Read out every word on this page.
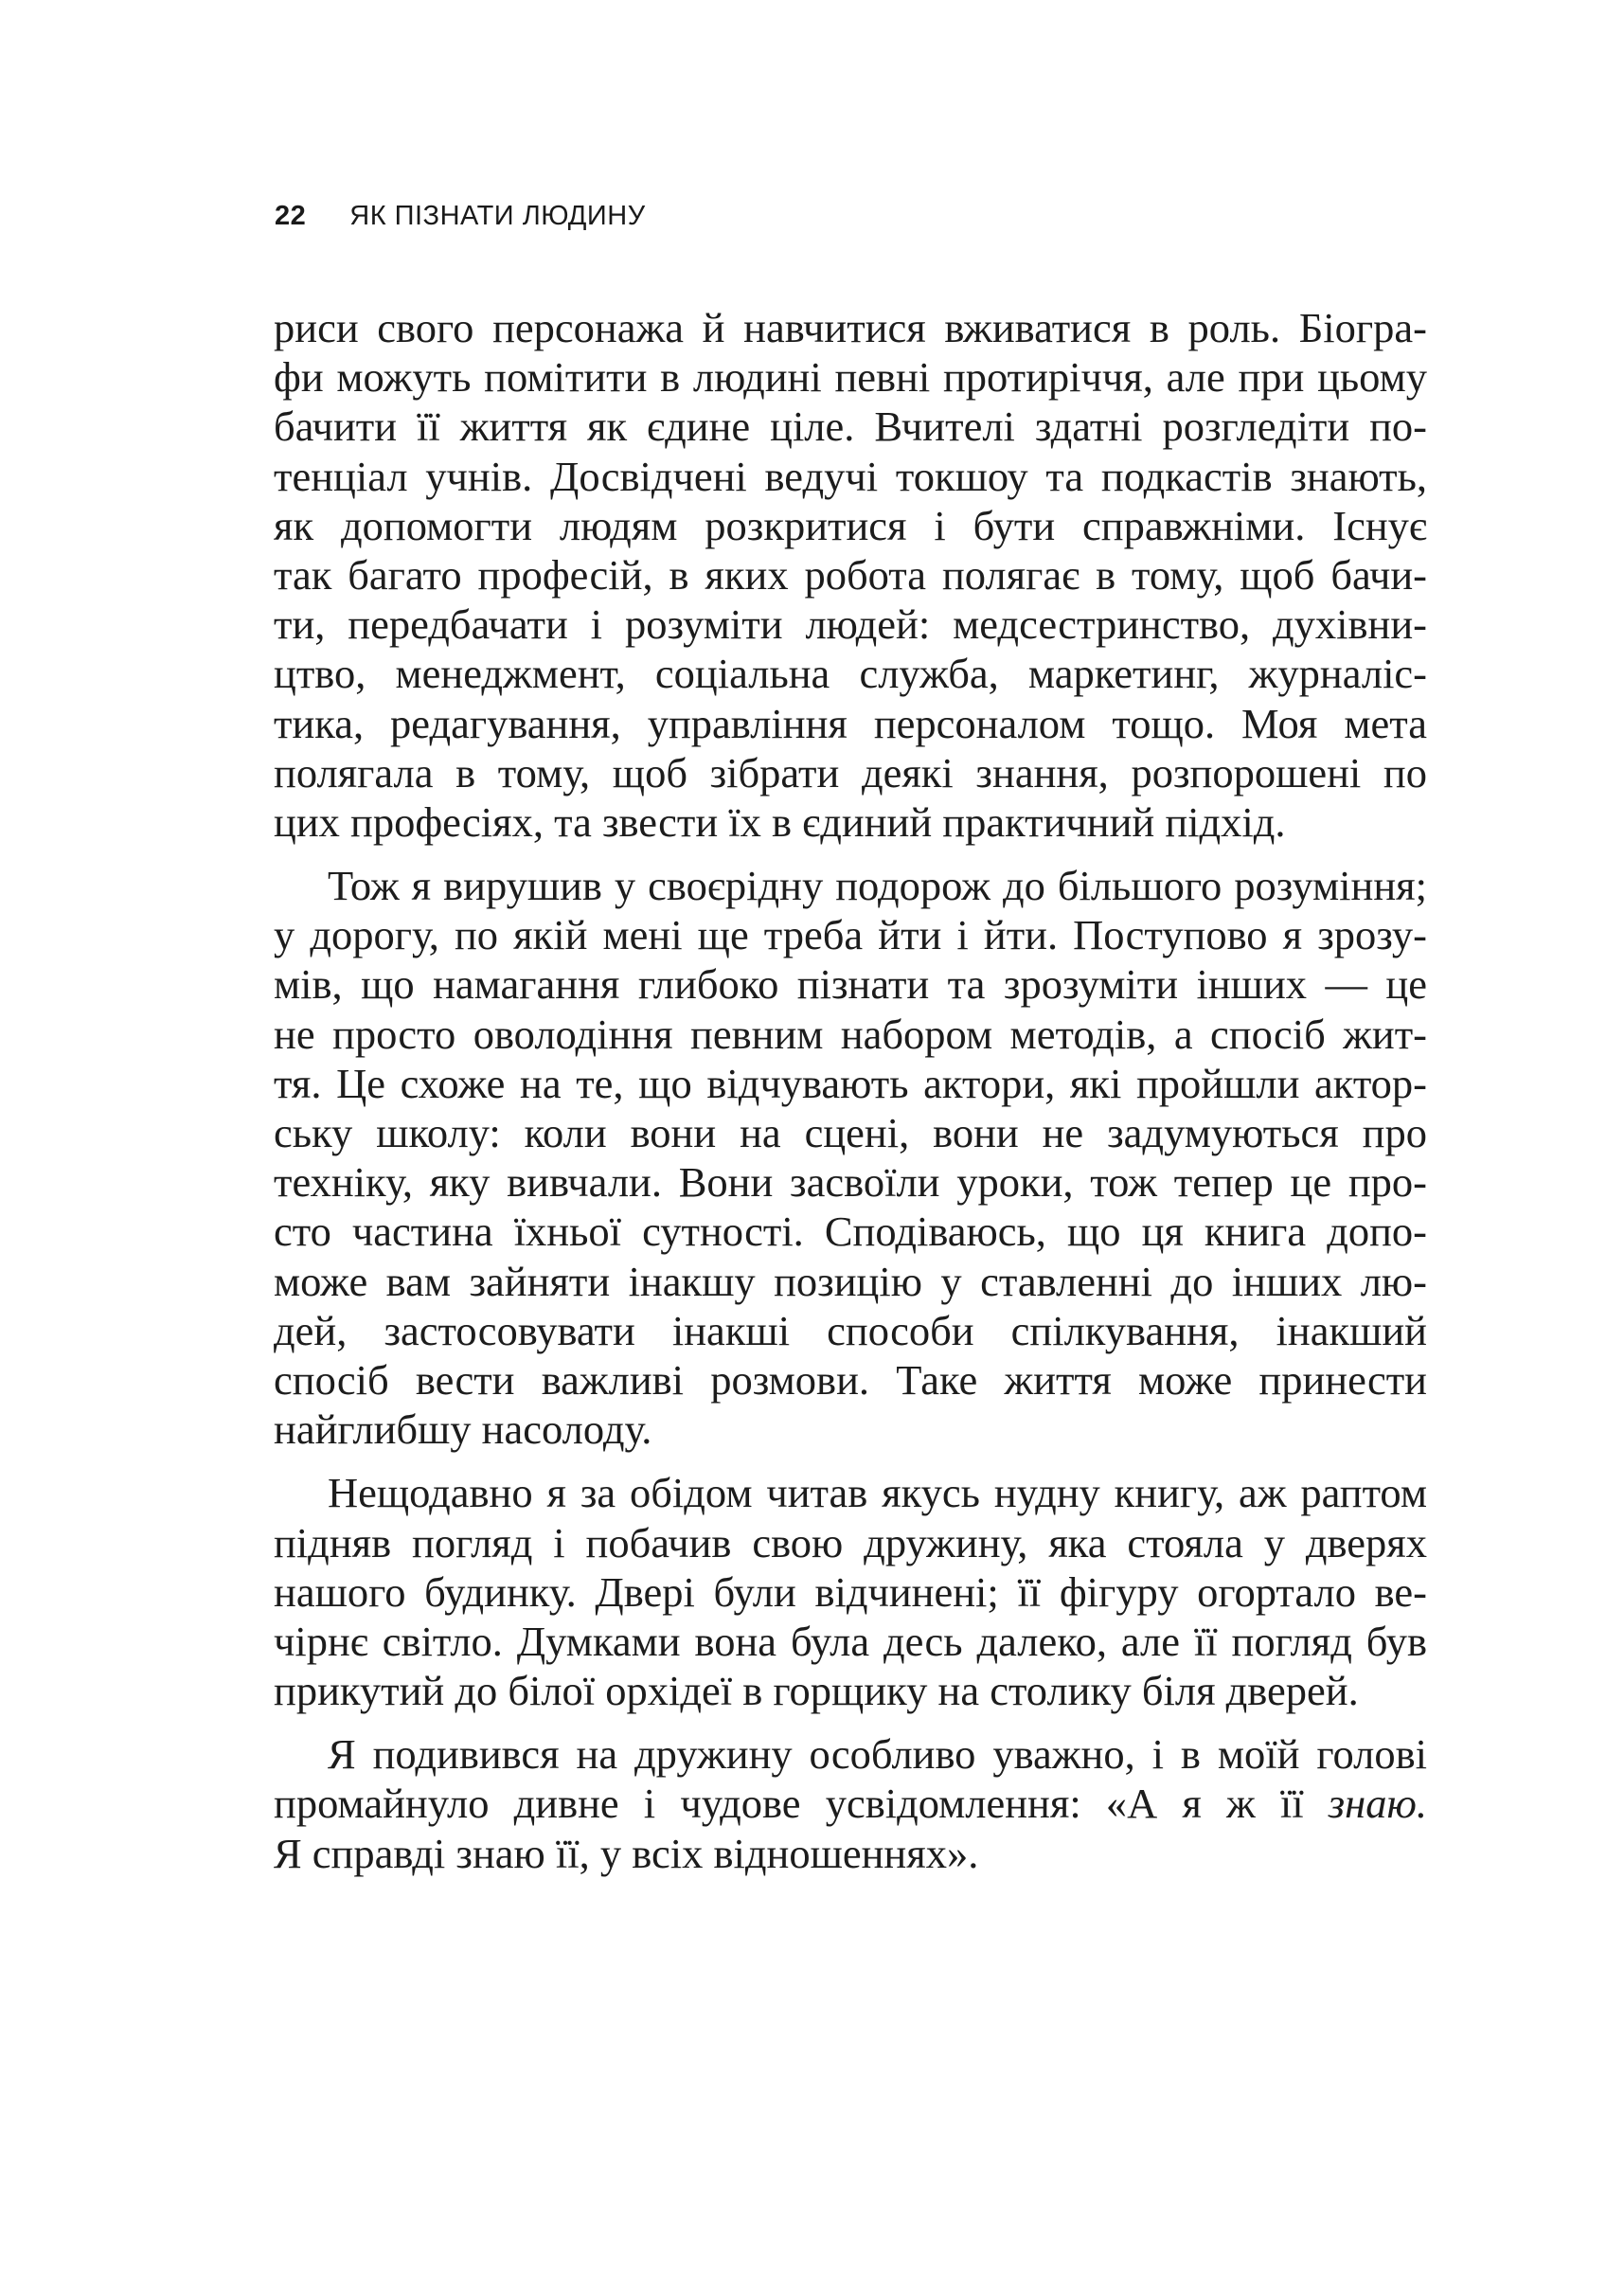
22 ЯК ПІЗНАТИ ЛЮДИНУ

риси свого персонажа й навчитися вживатися в роль. Біогра-
фи можуть помітити в людині певні протиріччя, але при цьому
бачити її життя як єдине ціле. Вчителі здатні розгледіти по-
тенціал учнів. Досвідчені ведучі токшоу та подкастів знають,
як допомогти людям розкритися і бути справжніми. Існує
так багато професій, в яких робота полягає в тому, щоб бачи-
ти, передбачати і розуміти людей: медсестринство, духівни-
цтво, менеджмент, соціальна служба, маркетинг, журналіс-
тика, редагування, управління персоналом тощо. Моя мета
полягала в тому, щоб зібрати деякі знання, розпорошені по
цих професіях, та звести їх в єдиний практичний підхід.

Тож я вирушив у своєрідну подорож до більшого розуміння;
у дорогу, по якій мені ще треба йти і йти. Поступово я зрозу-
мів, що намагання глибоко пізнати та зрозуміти інших — це
не просто оволодіння певним набором методів, а спосіб жит-
тя. Це схоже на те, що відчувають актори, які пройшли актор-
ську школу: коли вони на сцені, вони не задумуються про
техніку, яку вивчали. Вони засвоїли уроки, тож тепер це про-
сто частина їхньої сутності. Сподіваюсь, що ця книга допо-
може вам зайняти інакшу позицію у ставленні до інших лю-
дей, застосовувати інакші способи спілкування, інакший
спосіб вести важливі розмови. Таке життя може принести
найглибшу насолоду.

Нещодавно я за обідом читав якусь нудну книгу, аж раптом
підняв погляд і побачив свою дружину, яка стояла у дверях
нашого будинку. Двері були відчинені; її фігуру огортало ве-
чірнє світло. Думками вона була десь далеко, але її погляд був
прикутий до білої орхідеї в горщику на столику біля дверей.

Я подивився на дружину особливо уважно, і в моїй голові
промайнуло дивне і чудове усвідомлення: «А я ж її знаю.
Я справді знаю її, у всіх відношеннях».
